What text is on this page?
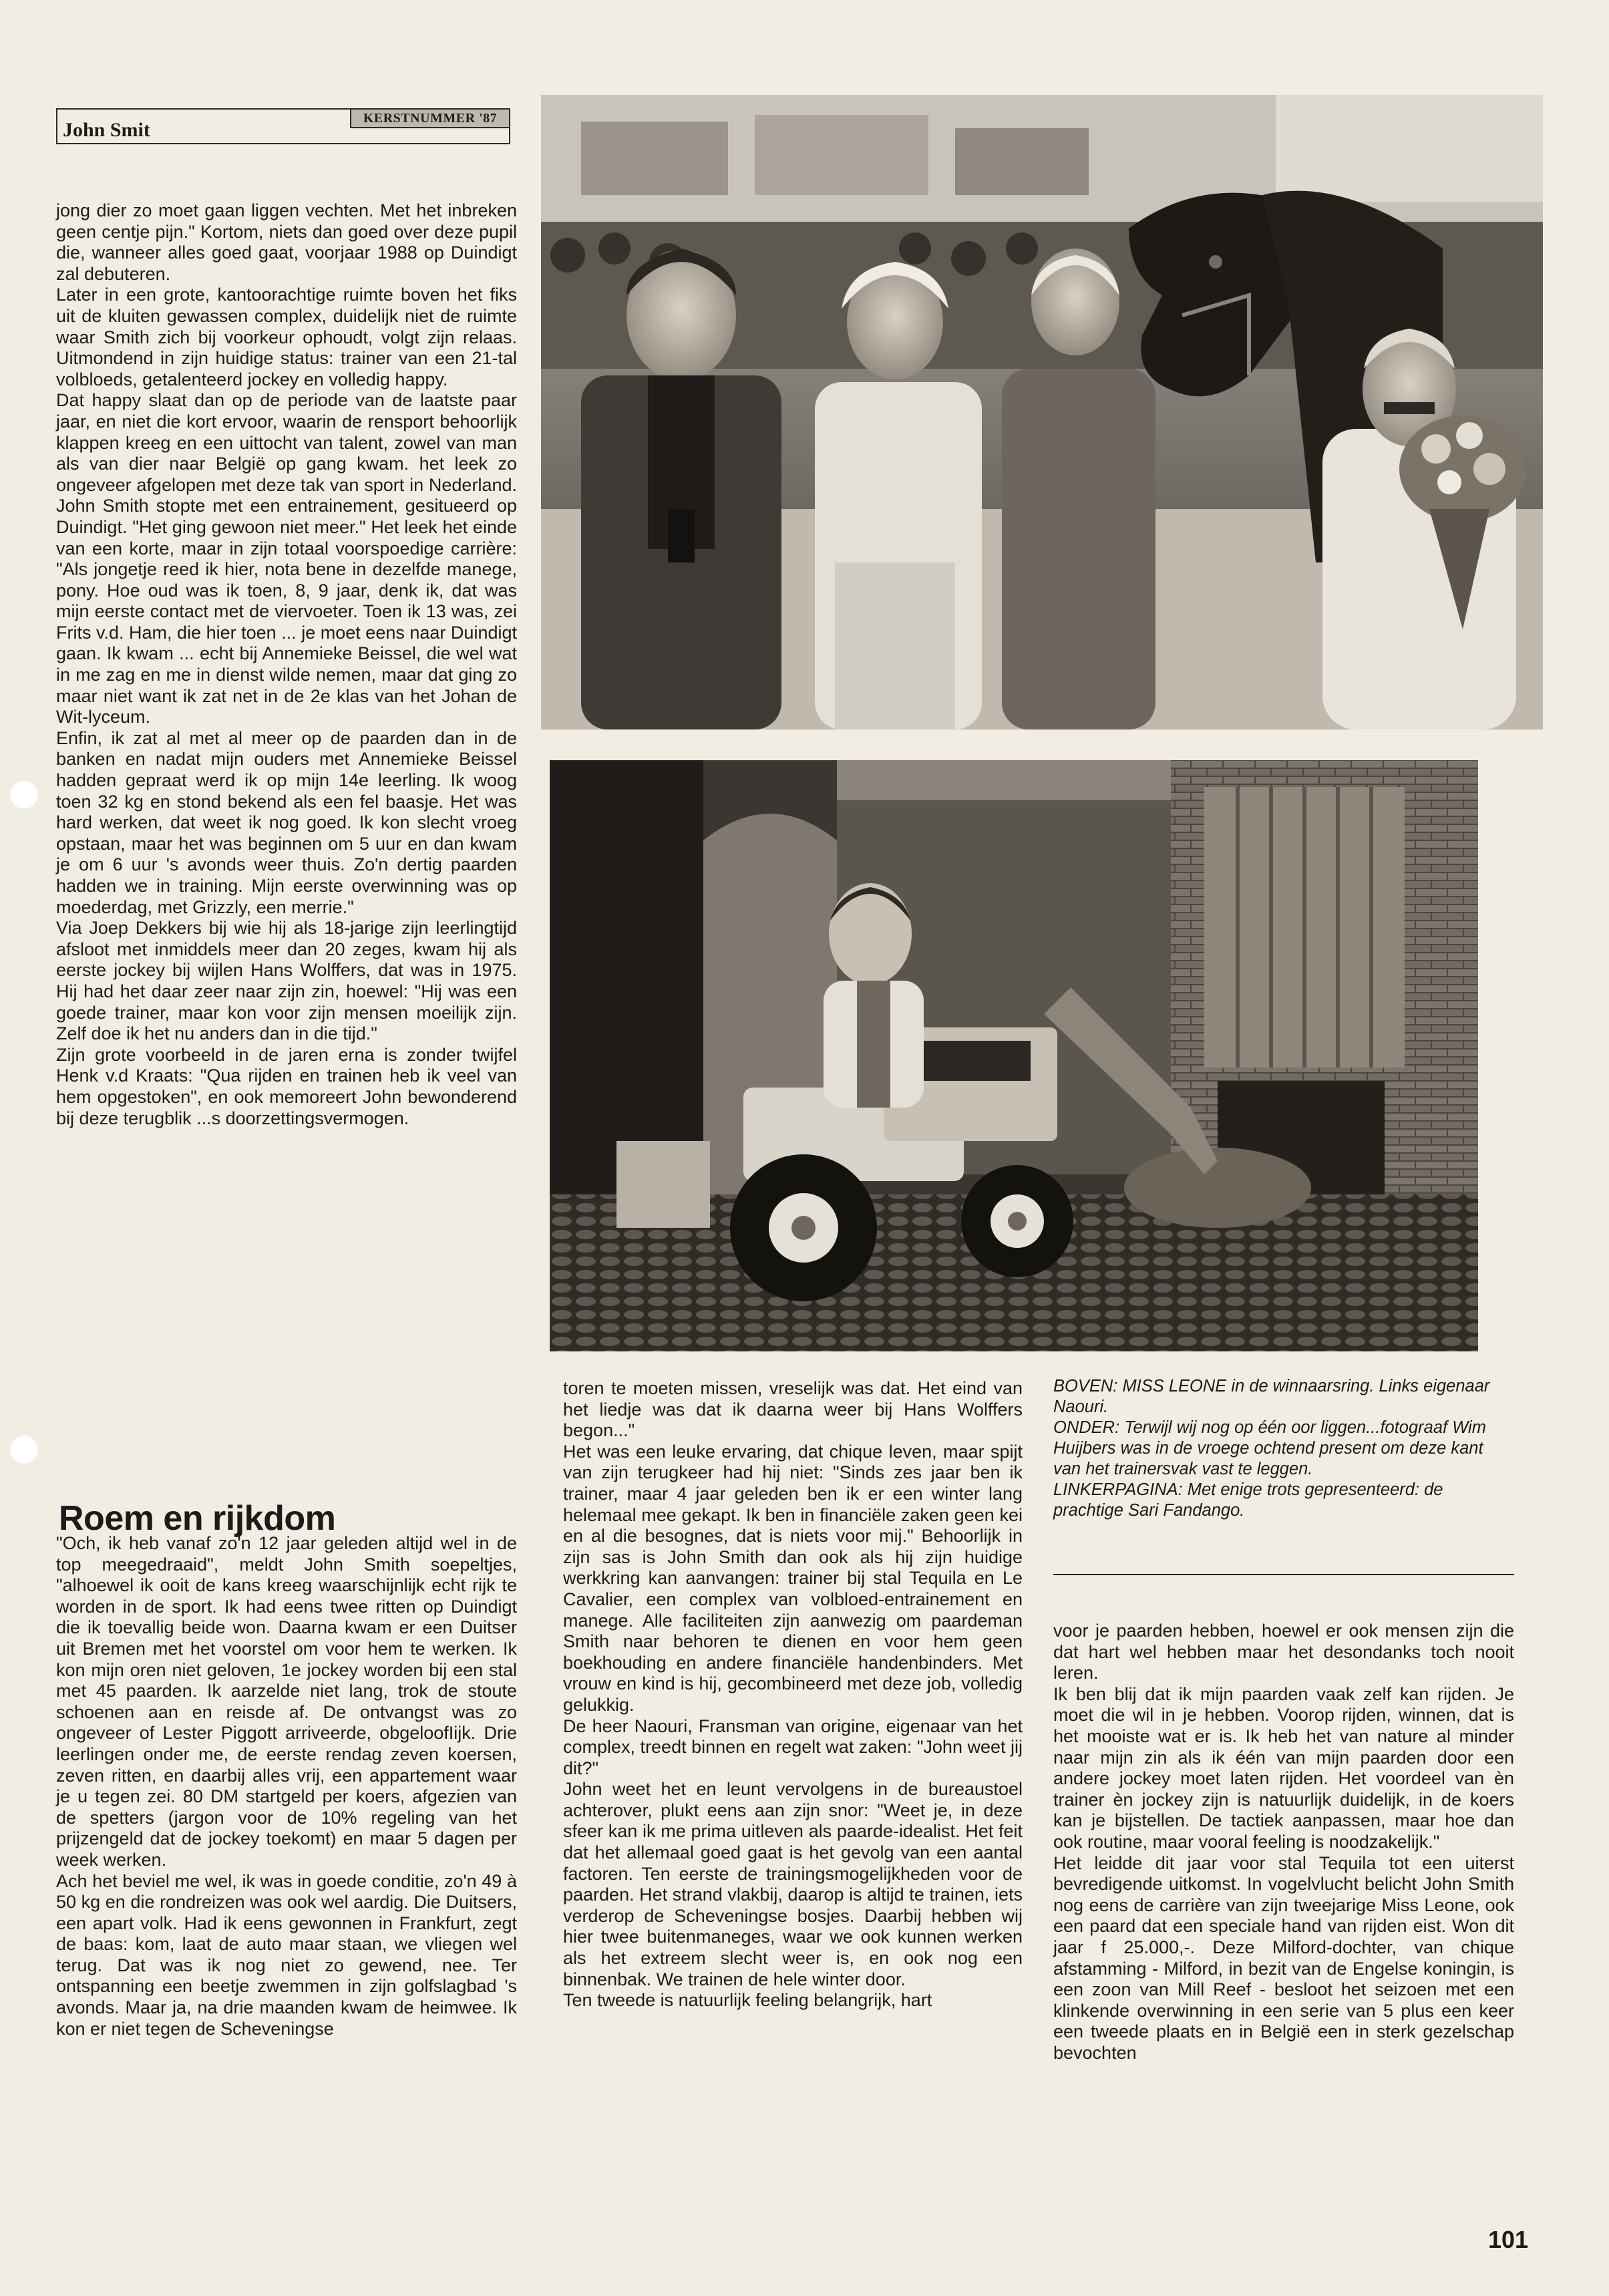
KERSTNUMMER '87
John Smit

jong dier zo moet gaan liggen vechten. Met het inbreken geen centje pijn." Kortom, niets dan goed over deze pupil die, wanneer alles goed gaat, voorjaar 1988 op Duindigt zal debuteren.

Later in een grote, kantoorachtige ruimte boven het fiks uit de kluiten gewassen complex, duidelijk niet de ruimte waar Smith zich bij voorkeur ophoudt, volgt zijn relaas. Uitmondend in zijn huidige status: trainer van een 21-tal volbloeds, getalenteerd jockey en volledig happy.

Dat happy slaat dan op de periode van de laatste paar jaar, en niet die kort ervoor, waarin de rensport behoorlijk klappen kreeg en een uittocht van talent, zowel van man als van dier naar België op gang kwam. het leek zo ongeveer afgelopen met deze tak van sport in Nederland. John Smith stopte met een entrainement, gesitueerd op Duindigt. "Het ging gewoon niet meer." Het leek het einde van een korte, maar in zijn totaal voorspoedige carrière: "Als jongetje reed ik hier, nota bene in dezelfde manege, pony. Hoe oud was ik toen, 8, 9 jaar, denk ik, dat was mijn eerste contact met de viervoeter. Toen ik 13 was, zei Frits v.d. Ham, die hier toen ... je moet eens naar Duindigt gaan. Ik kwam ... echt bij Annemieke Beissel, die wel wat in me zag en me in dienst wilde nemen, maar dat ging zo maar niet want ik zat net in de 2e klas van het Johan de Wit-lyceum.

Enfin, ik zat al met al meer op de paarden dan in de banken en nadat mijn ouders met Annemieke Beissel hadden gepraat werd ik op mijn 14e leerling. Ik woog toen 32 kg en stond bekend als een fel baasje. Het was hard werken, dat weet ik nog goed. Ik kon slecht vroeg opstaan, maar het was beginnen om 5 uur en dan kwam je om 6 uur 's avonds weer thuis. Zo'n dertig paarden hadden we in training. Mijn eerste overwinning was op moederdag, met Grizzly, een merrie."

Via Joep Dekkers bij wie hij als 18-jarige zijn leerlingtijd afsloot met inmiddels meer dan 20 zeges, kwam hij als eerste jockey bij wijlen Hans Wolffers, dat was in 1975. Hij had het daar zeer naar zijn zin, hoewel: "Hij was een goede trainer, maar kon voor zijn mensen moeilijk zijn. Zelf doe ik het nu anders dan in die tijd."

Zijn grote voorbeeld in de jaren erna is zonder twijfel Henk v.d Kraats: "Qua rijden en trainen heb ik veel van hem opgestoken", en ook memoreert John bewonderend bij deze terugblik ...s doorzettingsvermogen.

Roem en rijkdom

"Och, ik heb vanaf zo'n 12 jaar geleden altijd wel in de top meegedraaid", meldt John Smith soepeltjes, "alhoewel ik ooit de kans kreeg waarschijnlijk echt rijk te worden in de sport. Ik had eens twee ritten op Duindigt die ik toevallig beide won. Daarna kwam er een Duitser uit Bremen met het voorstel om voor hem te werken. Ik kon mijn oren niet geloven, 1e jockey worden bij een stal met 45 paarden. Ik aarzelde niet lang, trok de stoute schoenen aan en reisde af. De ontvangst was zo ongeveer of Lester Piggott arriveerde, obgeloofIijk. Drie leerlingen onder me, de eerste rendag zeven koersen, zeven ritten, en daarbij alles vrij, een appartement waar je u tegen zei. 80 DM startgeld per koers, afgezien van de spetters (jargon voor de 10% regeling van het prijzengeld dat de jockey toekomt) en maar 5 dagen per week werken.

Ach het beviel me wel, ik was in goede conditie, zo'n 49 à 50 kg en die rondreizen was ook wel aardig. Die Duitsers, een apart volk. Had ik eens gewonnen in Frankfurt, zegt de baas: kom, laat de auto maar staan, we vliegen wel terug. Dat was ik nog niet zo gewend, nee. Ter ontspanning een beetje zwemmen in zijn golfslagbad 's avonds. Maar ja, na drie maanden kwam de heimwee. Ik kon er niet tegen de Scheveningse

toren te moeten missen, vreselijk was dat. Het eind van het liedje was dat ik daarna weer bij Hans Wolffers begon..."

Het was een leuke ervaring, dat chique leven, maar spijt van zijn terugkeer had hij niet: "Sinds zes jaar ben ik trainer, maar 4 jaar geleden ben ik er een winter lang helemaal mee gekapt. Ik ben in financiële zaken geen kei en al die besognes, dat is niets voor mij." Behoorlijk in zijn sas is John Smith dan ook als hij zijn huidige werkkring kan aanvangen: trainer bij stal Tequila en Le Cavalier, een complex van volbloed-entrainement en manege. Alle faciliteiten zijn aanwezig om paardeman Smith naar behoren te dienen en voor hem geen boekhouding en andere financiële handenbinders. Met vrouw en kind is hij, gecombineerd met deze job, volledig gelukkig.

De heer Naouri, Fransman van origine, eigenaar van het complex, treedt binnen en regelt wat zaken: "John weet jij dit?"

John weet het en leunt vervolgens in de bureaustoel achterover, plukt eens aan zijn snor: "Weet je, in deze sfeer kan ik me prima uitleven als paarde-idealist. Het feit dat het allemaal goed gaat is het gevolg van een aantal factoren. Ten eerste de trainingsmogelijkheden voor de paarden. Het strand vlakbij, daarop is altijd te trainen, iets verderop de Scheveningse bosjes. Daarbij hebben wij hier twee buitenmaneges, waar we ook kunnen werken als het extreem slecht weer is, en ook nog een binnenbak. We trainen de hele winter door.

Ten tweede is natuurlijk feeling belangrijk, hart

BOVEN: MISS LEONE in de winnaarsring. Links eigenaar Naouri.

ONDER: Terwijl wij nog op één oor liggen...fotograaf Wim Huijbers was in de vroege ochtend present om deze kant van het trainersvak vast te leggen.

LINKERPAGINA: Met enige trots gepresenteerd: de prachtige Sari Fandango.

voor je paarden hebben, hoewel er ook mensen zijn die dat hart wel hebben maar het desondanks toch nooit leren.

Ik ben blij dat ik mijn paarden vaak zelf kan rijden. Je moet die wil in je hebben. Voorop rijden, winnen, dat is het mooiste wat er is. Ik heb het van nature al minder naar mijn zin als ik één van mijn paarden door een andere jockey moet laten rijden. Het voordeel van èn trainer èn jockey zijn is natuurlijk duidelijk, in de koers kan je bijstellen. De tactiek aanpassen, maar hoe dan ook routine, maar vooral feeling is noodzakelijk."

Het leidde dit jaar voor stal Tequila tot een uiterst bevredigende uitkomst. In vogelvlucht belicht John Smith nog eens de carrière van zijn tweejarige Miss Leone, ook een paard dat een speciale hand van rijden eist. Won dit jaar f 25.000,-. Deze Milford-dochter, van chique afstamming - Milford, in bezit van de Engelse koningin, is een zoon van Mill Reef - besloot het seizoen met een klinkende overwinning in een serie van 5 plus een keer een tweede plaats en in België een in sterk gezelschap bevochten

101
